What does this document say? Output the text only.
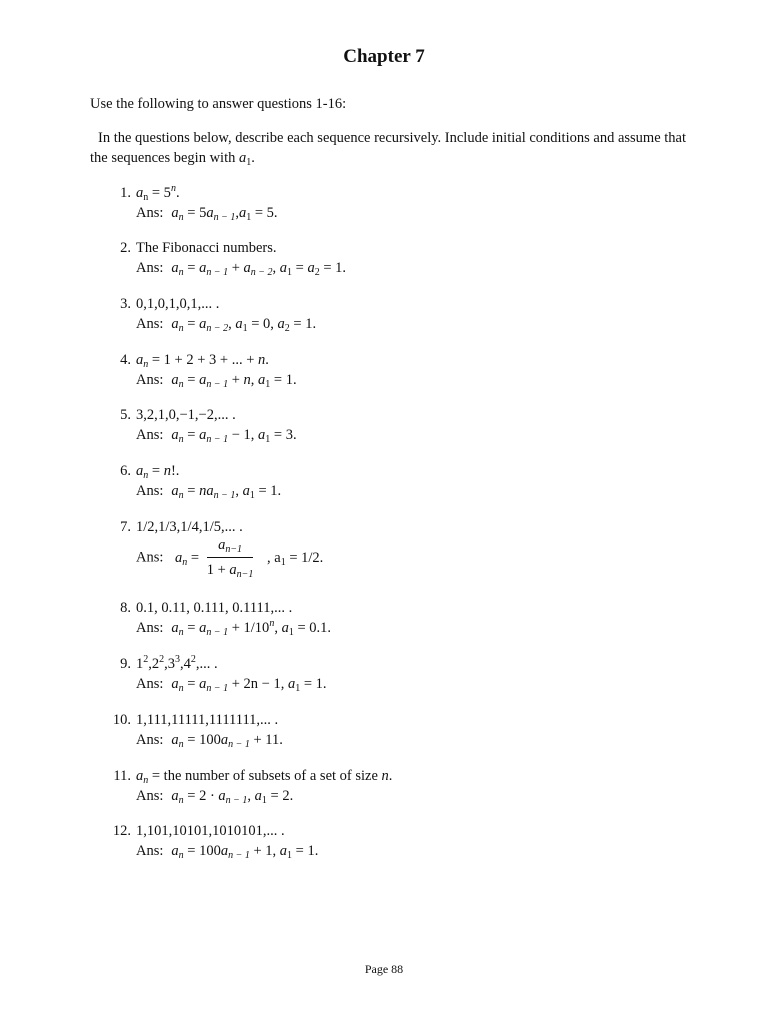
Chapter 7
Use the following to answer questions 1-16:
In the questions below, describe each sequence recursively. Include initial conditions and assume that the sequences begin with $a_1$.
1. $a_n = 5^n$.
Ans: $a_n = 5a_{n - 1},a_1 = 5$.
2. The Fibonacci numbers.
Ans: $a_n = a_{n - 1} + a_{n - 2}$, $a_1 = a_2 = 1$.
3. 0,1,0,1,0,1,... .
Ans: $a_n = a_{n - 2}$, $a_1 = 0$, $a_2 = 1$.
4. $a_n = 1 + 2 + 3$ + ... + n.
Ans: $a_n = a_{n - 1} + n$, $a_1 = 1$.
5. 3,2,1,0,−1,−2,... .
Ans: $a_n = a_{n - 1} - 1$, $a_1 = 3$.
6. $a_n = n$!.
Ans: $a_n = na_{n - 1}$, $a_1 = 1$.
7. 1/2,1/3,1/4,1/5,... .
Ans: $a_n = \frac{a_{n-1}}{1 + a_{n-1}}$ , $a_1 = 1/2$.
8. 0.1, 0.11, 0.111, 0.1111,... .
Ans: $a_n = a_{n - 1} + 1/10^n$, $a_1 = 0.1$.
9. $1^2,2^2,3^3,4^2$,... .
Ans: $a_n = a_{n - 1} + 2n - 1$, $a_1 = 1$.
10. 1,111,11111,1111111,... .
Ans: $a_n = 100a_{n - 1} + 11$.
11. $a_n$ = the number of subsets of a set of size n.
Ans: $a_n = 2 \cdot a_{n - 1}$, $a_1 = 2$.
12. 1,101,10101,1010101,... .
Ans: $a_n = 100a_{n - 1} + 1$, $a_1 = 1$.
Page 88
